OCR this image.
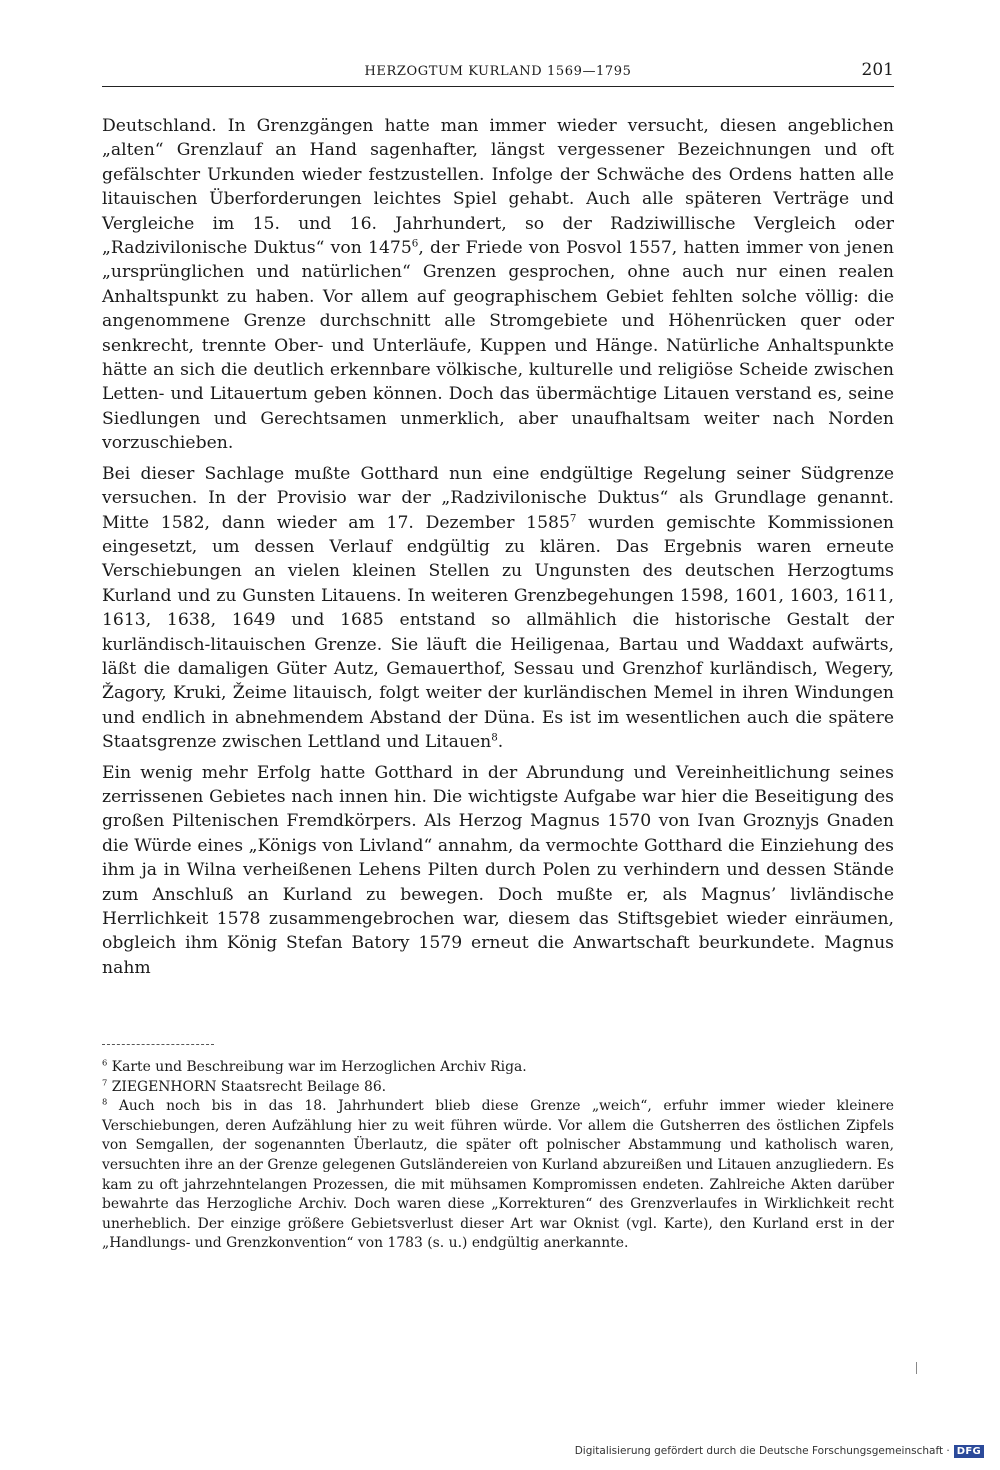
HERZOGTUM KURLAND 1569—1795	201

Deutschland. In Grenzgängen hatte man immer wieder versucht, diesen angeblichen „alten“ Grenzlauf an Hand sagenhafter, längst vergessener Bezeichnungen und oft gefälschter Urkunden wieder festzustellen. Infolge der Schwäche des Ordens hatten alle litauischen Überforderungen leichtes Spiel gehabt. Auch alle späteren Verträge und Vergleiche im 15. und 16. Jahrhundert, so der Radziwillische Vergleich oder „Radzivilonische Duktus“ von 1475$^6$, der Friede von Posvol 1557, hatten immer von jenen „ursprünglichen und natürlichen“ Grenzen gesprochen, ohne auch nur einen realen Anhaltspunkt zu haben. Vor allem auf geographischem Gebiet fehlten solche völlig: die angenommene Grenze durchschnitt alle Stromgebiete und Höhenrücken quer oder senkrecht, trennte Ober- und Unterläufe, Kuppen und Hänge. Natürliche Anhaltspunkte hätte an sich die deutlich erkennbare völkische, kulturelle und religiöse Scheide zwischen Letten- und Litauertum geben können. Doch das übermächtige Litauen verstand es, seine Siedlungen und Gerechtsamen unmerklich, aber unaufhaltsam weiter nach Norden vorzuschieben.

Bei dieser Sachlage mußte Gotthard nun eine endgültige Regelung seiner Südgrenze versuchen. In der Provisio war der „Radzivilonische Duktus“ als Grundlage genannt. Mitte 1582, dann wieder am 17. Dezember 1585$^7$ wurden gemischte Kommissionen eingesetzt, um dessen Verlauf endgültig zu klären. Das Ergebnis waren erneute Verschiebungen an vielen kleinen Stellen zu Ungunsten des deutschen Herzogtums Kurland und zu Gunsten Litauens. In weiteren Grenzbegehungen 1598, 1601, 1603, 1611, 1613, 1638, 1649 und 1685 entstand so allmählich die historische Gestalt der kurländisch-litauischen Grenze. Sie läuft die Heiligenaa, Bartau und Waddaxt aufwärts, läßt die damaligen Güter Autz, Gemauerthof, Sessau und Grenzhof kurländisch, Wegery, Žagory, Kruki, Žeime litauisch, folgt weiter der kurländischen Memel in ihren Windungen und endlich in abnehmendem Abstand der Düna. Es ist im wesentlichen auch die spätere Staatsgrenze zwischen Lettland und Litauen$^8$.

Ein wenig mehr Erfolg hatte Gotthard in der Abrundung und Vereinheitlichung seines zerrissenen Gebietes nach innen hin. Die wichtigste Aufgabe war hier die Beseitigung des großen Piltenischen Fremdkörpers. Als Herzog Magnus 1570 von Ivan Groznyjs Gnaden die Würde eines „Königs von Livland“ annahm, da vermochte Gotthard die Einziehung des ihm ja in Wilna verheißenen Lehens Pilten durch Polen zu verhindern und dessen Stände zum Anschluß an Kurland zu bewegen. Doch mußte er, als Magnus’ livländische Herrlichkeit 1578 zusammengebrochen war, diesem das Stiftsgebiet wieder einräumen, obgleich ihm König Stefan Batory 1579 erneut die Anwartschaft beurkundete. Magnus nahm

$^6$ Karte und Beschreibung war im Herzoglichen Archiv Riga.

$^7$ ZIEGENHORN Staatsrecht Beilage 86.

$^8$ Auch noch bis in das 18. Jahrhundert blieb diese Grenze „weich“, erfuhr immer wieder kleinere Verschiebungen, deren Aufzählung hier zu weit führen würde. Vor allem die Gutsherren des östlichen Zipfels von Semgallen, der sogenannten Überlautz, die später oft polnischer Abstammung und katholisch waren, versuchten ihre an der Grenze gelegenen Gutsländereien von Kurland abzureißen und Litauen anzugliedern. Es kam zu oft jahrzehntelangen Prozessen, die mit mühsamen Kompromissen endeten. Zahlreiche Akten darüber bewahrte das Herzogliche Archiv. Doch waren diese „Korrekturen“ des Grenzverlaufes in Wirklichkeit recht unerheblich. Der einzige größere Gebietsverlust dieser Art war Oknist (vgl. Karte), den Kurland erst in der „Handlungs- und Grenzkonvention“ von 1783 (s. u.) endgültig anerkannte.

Digitalisierung gefördert durch die Deutsche Forschungsgemeinschaft · DFG
